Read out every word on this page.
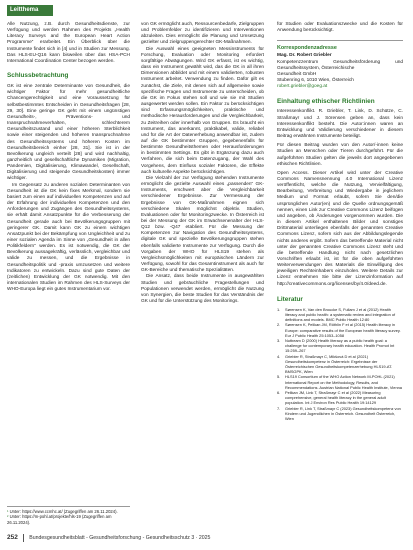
Leitthema

Alle Nutzung, z.B. durch Gesundheitsdienste, zur Verfügung und werden Rahmen des Projekts „Health Literacy Surveys and the European Heart Action Programme“ erarbeitet. Ein Überblick über die Instrumente findet sich in [4] und in Studien zur Messung. Das HLS-EU-Q16 kann bisweilen über das HSA-PCH International Coordination Center bezogen werden.

Schlussbetrachtung

GK ist eine zentrale Determinante von Gesundheit, die wichtiger Faktor für mehr gesundheitliche Chancengerechtigkeit und eine Voraussetzung für selbstbestimmtes Entscheiden in Gesundheitsfragen [28, 29, 30]. Eine geringe GK geht mit einem ungünstigen Gesundheits-, Präventions- und Inanspruchnahmeverhalten, schlechterem Gesundheitszustand und einer höheren Sterblichkeit sowie einer steigenden und höheren Inanspruchnahme des Gesundheitssystems und höheren Kosten im Gesundheitsbereich einher [28, 31]. Sie ist in der Bevölkerung ungleich verteilt [28] und wird nachhaltig, ganzheitlich und gesellschaftliche Dynamiken (Migration, Pandemien, Digitalisierung, Klimawandel, Gesellschaft, Digitalisierung und steigende Gesundheitskosten) immer wichtiger.

Im Gegensatz zu anderen sozialen Determinanten von Gesundheit ist die GK kein fixes Merkmal, sondern sie basiert zum einen auf individuellen Kompetenzen und auf der Erfahrung der individuellen Kompetenzen und den Anforderungen und Zugängen des Gesundheitssystems, sie erhält damit Ansatzpunkte für die Verbesserung der Gesundheit gerade auch bei Bevölkerungsgruppen mit geringerer GK. Damit kann GK zu einem wichtigen Ansatzpunkt bei der Bekämpfung von Ungleichheit und zu einer sozialen Agenda im Sinne von „Gesundheit in allen Politikfeldern“ werden. Es ist notwendig, die GK der Bevölkerung aussagekräftig, verlässlich, vergleichbar und valide zu messen, und die Ergebnisse in Gesundheitspolitik und -praxis umzusetzen und weitere Indikatoren zu entwickeln. Dazu sind gute Daten der (zeitlichen) Entwicklung der GK notwendig. Mit den internationalen Studien im Rahmen des HLS-Surveys der WHO-Europa liegt ein gutes Instrumentarium vor.

¹ Unter: https://www.ccmhc.at/ (Zugegriffen am 26.11.2024).
² Unter: https://m-pohl.at/projekte/hls-19 (Zugegriffen am 26.11.2024).

von GK ermöglicht auch, Ressourcenbedarfe, Zielgruppen und Problemfelder zu identifizieren und Interventionen abzuleiten. Dies ermöglicht die Planung und Umsetzung gezielter und zielgruppengerechter GK-Maßnahmen.

Die Auswahl eines geeigneten Messinstruments für Forschung, Evaluation oder Monitoring erfordert sorgfältige Abwägungen. Wird GK erfasst, ist es wichtig, dass ein Instrument gewählt wird, das die GK in all ihren Dimensionen abbildet und mit einem validierten, robusten Instrument arbeitet. Verwendung zu finden. Dafür gilt es zunächst, die Ziele, mit denen sich auf allgemeine sowie spezifische Fragen und Instrumente zu unterscheiden, ob die GK im Fokus stehen soll und wie sie mit Studien ausgewertet werden sollen. Ein Faktor zu berücksichtigen sind Erfassungsmöglichkeiten, praktische und methodische Herausforderungen und die Vergleichbarkeit, zu Zeitreihen oder innerhalb von Gruppen. Es braucht ein Instrument, das anerkannt, praktikabel, valide, reliabel und für die Art der Datenerhebung anwendbar ist, zudem auf die GK bestimmter Gruppen, gegebenenfalls für bestimmte Gesundheitsthemen oder Herausforderungen in bestimmten Settings. Es gibt in Ergänzung dazu auch Verfahren, die sich beim Datenzugang, der Wahl des Vorgehens, dem Einfluss sozialer Faktoren, die Effekte auch kulturelle Aspekte berücksichtigen.

Die Vielzahl der zur Verfügung stehenden Instrumente ermöglicht die gezielte Auswahl eines „passenden“ GK-Instruments, erschwert aber die Vergleichbarkeit verschiedener Ergebnisse. Zur Vermessung der Ergebnisse von GK-Maßnahmen eignen sich verschiedene Skalen möglichst objektiv. Studien, Evaluationen oder für Monitoringzwecke. In Österreich ist bei der Messung der GK im Erwachsenenalter der HLS-Q12 bzw. -Q47 etabliert. Für die Messung der Kompetenzen zur Navigation des Gesundheitssystems, digitale GK und spezielle Bevölkerungsgruppen stehen ebenfalls validierte Instrumente zur Verfügung. Durch die Vorgaben der WHO für HLS19 stehen als Vergleichsmöglichkeiten mit europäischen Ländern zur Verfügung, sowohl für das Gesamtinstrument als auch für GK-Bereiche und thematische Spezialitäten.

Die Ansatz, dass beide Instrumente in ausgewählten Studien und gebräuchliche Fragestellungen und Populationen verwendet werden, ermöglicht die Nutzung von Synergien, die beste Studien für das Verständnis der GK und für die Unterstützung des Monitorings.

für Studien oder Evaluationszwecke und die Kosten für Anwendung berücksichtigt.

Korrespondenzadresse
Mag. Dr. Robert Griebler
Kompetenzzentrum Gesundheitsförderung und Gesundheitssystem, Österreichische
Gesundheit GmbH
Stubenring 6, 1010 Wien, Österreich
robert.griebler@goeg.at
Einhaltung ethischer Richtlinien

Interessenkonflikt. R. Griebler, T. Link, D. Schütze, C. Straßmayr und J. Sörensen geben an, dass kein Interessenkonflikt besteht. Die Autor:innen waren an Entwicklung und Validierung verschiedener in diesem Beitrag erwähnten Instrumente beteiligt.

Für diesen Beitrag wurden von den Autor/-innen keine Studien an Menschen oder Tieren durchgeführt. Für die aufgeführten Studien gelten die jeweils dort angegebenen ethischen Richtlinien.

Open Access. Dieser Artikel wird unter der Creative Commons Namensnennung 4.0 International Lizenz veröffentlicht, welche die Nutzung, Vervielfältigung, Bearbeitung, Verbreitung und Wiedergabe in jeglichem Medium und Format erlaubt, sofern Sie den/die ursprünglichen Autor(en) und die Quelle ordnungsgemäß nennen, einen Link zur Creative Commons Lizenz beifügen und angeben, ob Änderungen vorgenommen wurden. Die in diesem Artikel enthaltenen Bilder und sonstiges Drittmaterial unterliegen ebenfalls der genannten Creative Commons Lizenz, sofern sich aus der Abbildungslegende nichts anderes ergibt. Sofern das betreffende Material nicht unter der genannten Creative Commons Lizenz steht und die betreffende Handlung nicht nach gesetzlichen Vorschriften erlaubt ist, ist für die oben aufgeführten Weiterverwendungen des Materials die Einwilligung des jeweiligen Rechteinhabers einzuholen. Weitere Details zur Lizenz entnehmen Sie bitte der Lizenzinformation auf http://creativecommons.org/licenses/by/4.0/deed.de.

Literatur
1.	Sørensen K, Van den Broucke S, Fullam J et al (2012) Health literacy and public health: a systematic review and integration of definitions and models. BMC Public Health 12:80
2.	Sørensen K, Pelikan JM, Röthlin F et al (2015) Health literacy in Europe: comparative results of the European health literacy survey. Eur J Public Health 25:1053–1058
3.	Nutbeam D (2000) Health literacy as a public health goal: a challenge for contemporary health education. Health Promot Int 15:259–267
4.	Griebler R, Straßmayr C, Mikšová D et al (2021) Gesundheitskompetenz in Österreich: Ergebnisse der Österreichischen Gesundheitskompetenzerhebung HLS19-AT. BMSGPK, Wien
5.	HLS19 Consortium of the WHO Action Network M-POHL (2021) International Report on the Methodology, Results, and Recommendations. Austrian National Public Health Institute, Vienna
6.	Pelikan JM, Link T, Straßmayr C et al (2022) Measuring comprehensive, general health literacy in the general adult population. Int J Environ Res Public Health 19:14129
7.	Griebler R, Link T, Straßmayr C (2023) Gesundheitskompetenz von Kindern und Jugendlichen in Österreich. Gesundheit Österreich, Wien
252 Bundesgesundheitsblatt - Gesundheitsforschung - Gesundheitsschutz 3 · 2025
